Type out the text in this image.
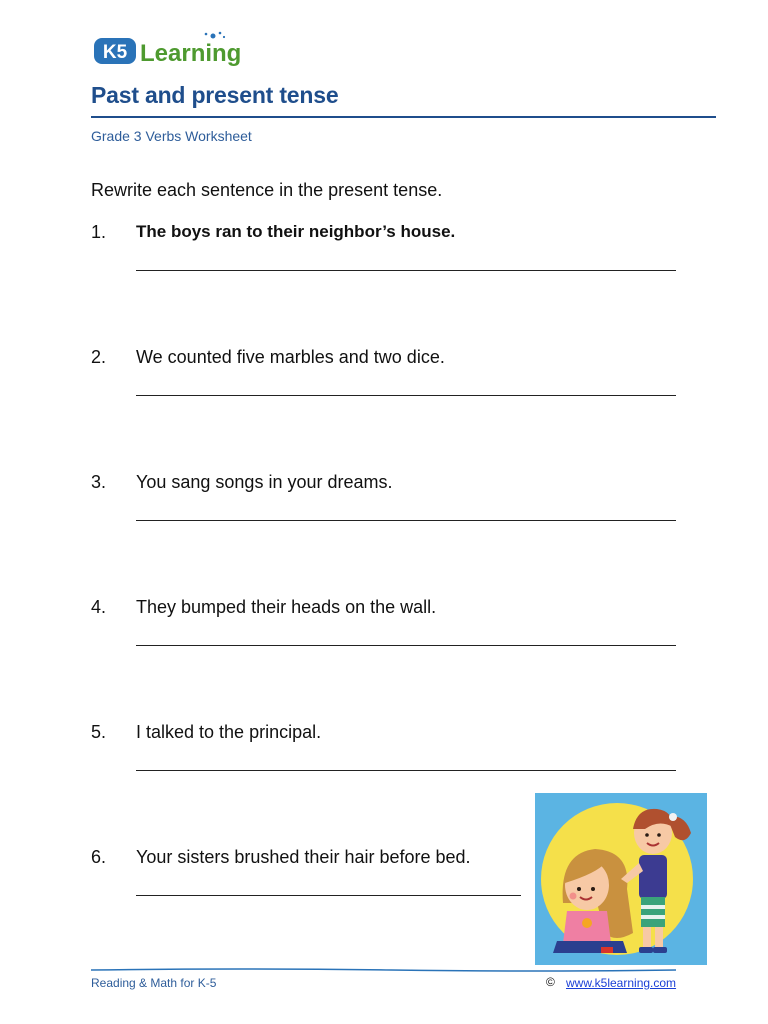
K5 Learning
Past and present tense
Grade 3 Verbs Worksheet
Rewrite each sentence in the present tense.
1. The boys ran to their neighbor’s house.
2. We counted five marbles and two dice.
3. You sang songs in your dreams.
4. They bumped their heads on the wall.
5. I talked to the principal.
6. Your sisters brushed their hair before bed.
Reading & Math for K-5	© www.k5learning.com
